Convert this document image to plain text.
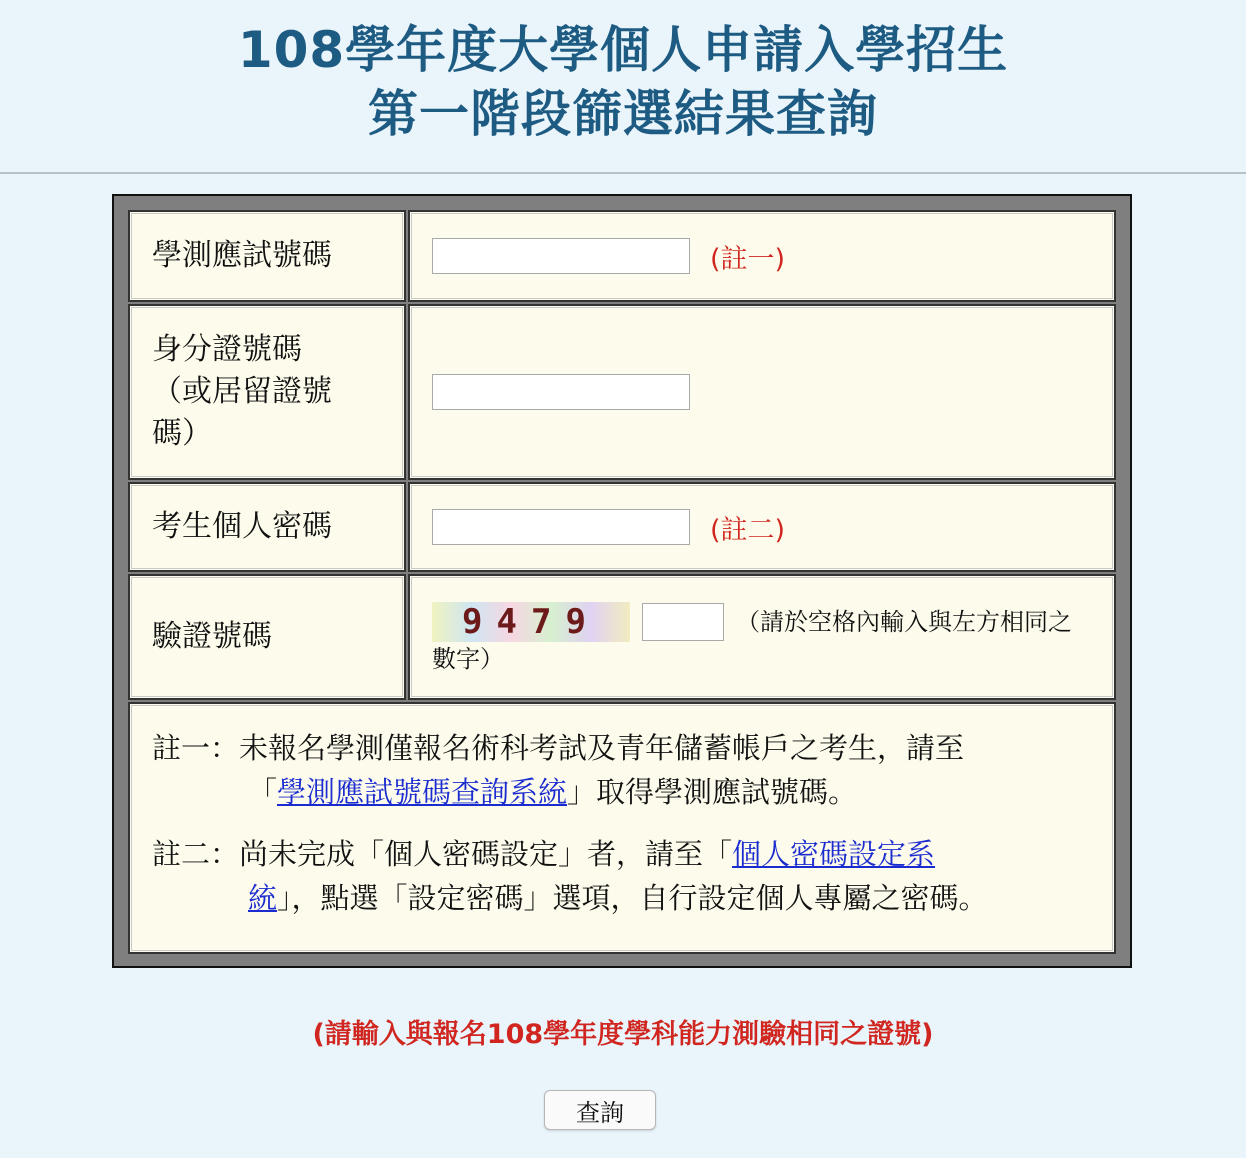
108學年度大學個人申請入學招生
第一階段篩選結果查詢
學測應試號碼	(註一)
身分證號碼
（或居留證號
碼）
考生個人密碼	(註二)
驗證號碼	9479	（請於空格內輸入與左方相同之
數字）
註一： 未報名學測僅報名術科考試及青年儲蓄帳戶之考生，請至
「學測應試號碼查詢系統」取得學測應試號碼。
註二： 尚未完成「個人密碼設定」者，請至「個人密碼設定系
統」，點選「設定密碼」選項，自行設定個人專屬之密碼。
(請輸入與報名108學年度學科能力測驗相同之證號)
查詢
